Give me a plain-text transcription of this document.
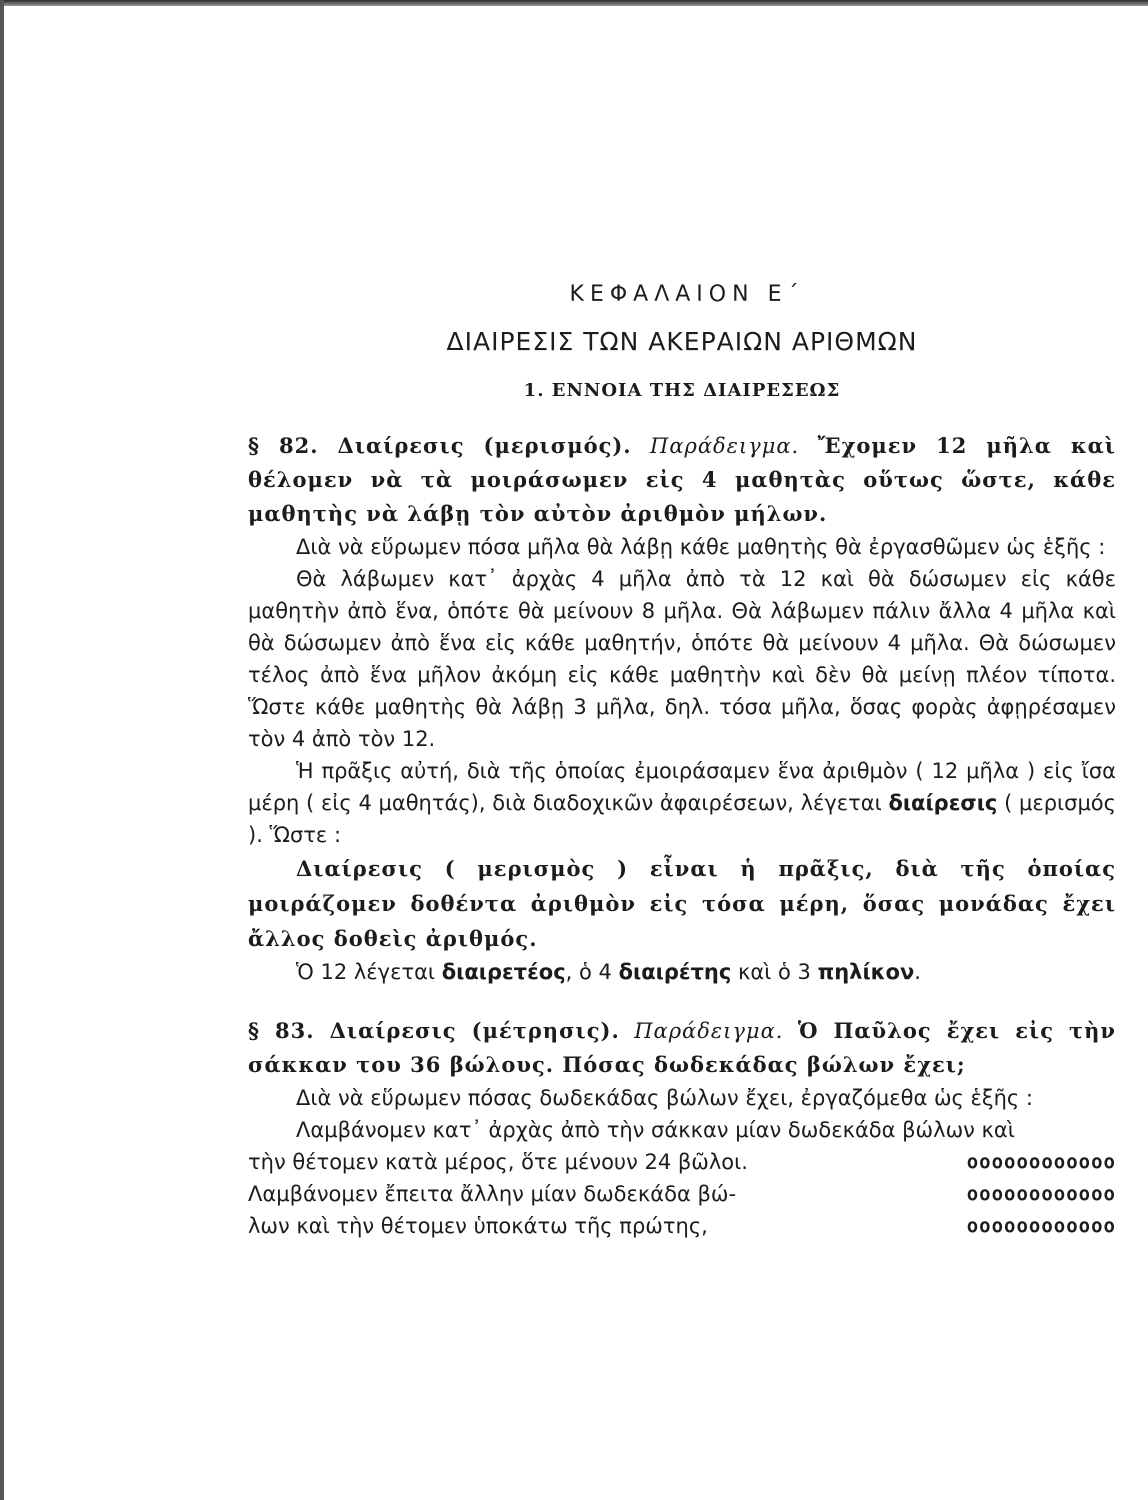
ΚΕΦΑΛΑΙΟΝ Ε΄
ΔΙΑΙΡΕΣΙΣ ΤΩΝ ΑΚΕΡΑΙΩΝ ΑΡΙΘΜΩΝ
1. ΕΝΝΟΙΑ ΤΗΣ ΔΙΑΙΡΕΣΕΩΣ

§ 82. Διαίρεσις (μερισμός). Παράδειγμα. Ἔχομεν 12 μῆλα καὶ θέλομεν νὰ τὰ μοιράσωμεν εἰς 4 μαθητὰς οὕτως ὥστε, κάθε μαθητὴς νὰ λάβῃ τὸν αὐτὸν ἀριθμὸν μήλων.

Διὰ νὰ εὕρωμεν πόσα μῆλα θὰ λάβῃ κάθε μαθητὴς θὰ ἐργασθῶμεν ὡς ἑξῆς :

Θὰ λάβωμεν κατ᾽ ἀρχὰς 4 μῆλα ἀπὸ τὰ 12 καὶ θὰ δώσωμεν εἰς κάθε μαθητὴν ἀπὸ ἕνα, ὁπότε θὰ μείνουν 8 μῆλα. Θὰ λάβωμεν πάλιν ἄλλα 4 μῆλα καὶ θὰ δώσωμεν ἀπὸ ἕνα εἰς κάθε μαθητήν, ὁπότε θὰ μείνουν 4 μῆλα. Θὰ δώσωμεν τέλος ἀπὸ ἕνα μῆλον ἀκόμη εἰς κάθε μαθητὴν καὶ δὲν θὰ μείνῃ πλέον τίποτα. Ὥστε κάθε μαθητὴς θὰ λάβῃ 3 μῆλα, δηλ. τόσα μῆλα, ὅσας φορὰς ἀφῃρέσαμεν τὸν 4 ἀπὸ τὸν 12.

Ἡ πρᾶξις αὐτή, διὰ τῆς ὁποίας ἐμοιράσαμεν ἕνα ἀριθμὸν ( 12 μῆλα ) εἰς ἴσα μέρη ( εἰς 4 μαθητάς), διὰ διαδοχικῶν ἀφαιρέσεων, λέγεται διαίρεσις ( μερισμός ). Ὥστε :

Διαίρεσις ( μερισμὸς ) εἶναι ἡ πρᾶξις, διὰ τῆς ὁποίας μοιράζομεν δοθέντα ἀριθμὸν εἰς τόσα μέρη, ὅσας μονάδας ἔχει ἄλλος δοθεὶς ἀριθμός.

Ὁ 12 λέγεται διαιρετέος, ὁ 4 διαιρέτης καὶ ὁ 3 πηλίκον.

§ 83. Διαίρεσις (μέτρησις). Παράδειγμα. Ὁ Παῦλος ἔχει εἰς τὴν σάκκαν του 36 βώλους. Πόσας δωδεκάδας βώλων ἔχει;

Διὰ νὰ εὕρωμεν πόσας δωδεκάδας βώλων ἔχει, ἐργαζόμεθα ὡς ἑξῆς :

Λαμβάνομεν κατ᾽ ἀρχὰς ἀπὸ τὴν σάκκαν μίαν δωδεκάδα βώλων καὶ

τὴν θέτομεν κατὰ μέρος, ὅτε μένουν 24 βῶλοι.	οοοοοοοοοοοο
Λαμβάνομεν ἔπειτα ἄλλην μίαν δωδεκάδα βώ-	οοοοοοοοοοοο
λων καὶ τὴν θέτομεν ὑποκάτω τῆς πρώτης,	οοοοοοοοοοοο
